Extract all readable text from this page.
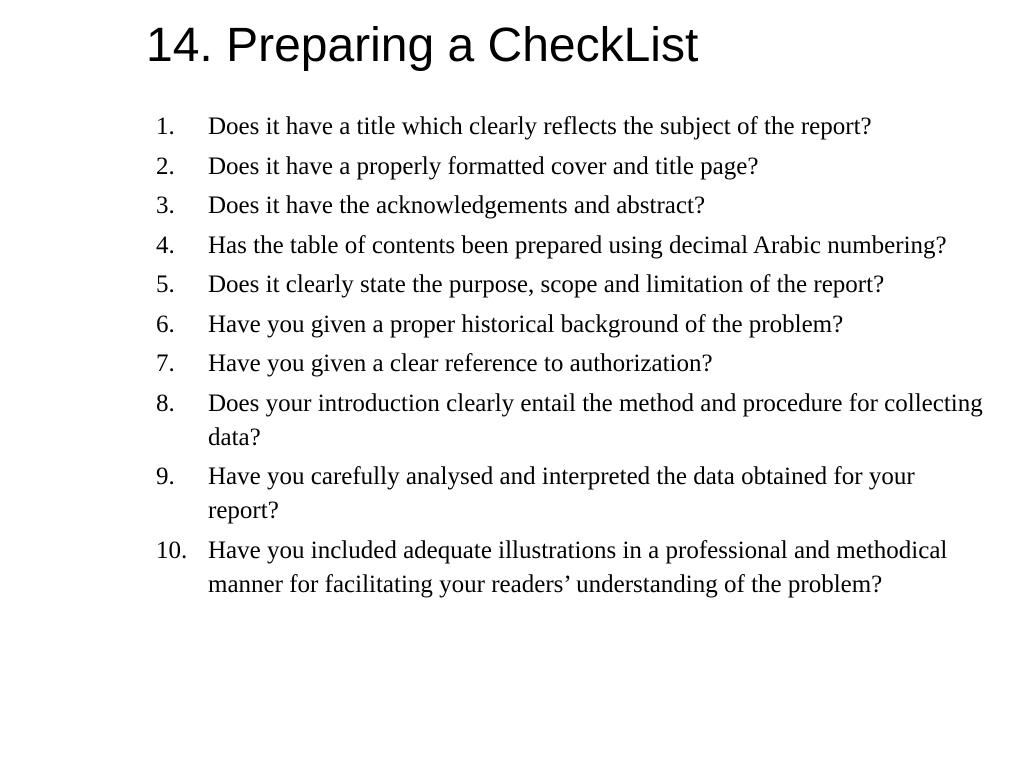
14. Preparing a CheckList
1.	Does it have a title which clearly reflects the subject of the report?
2.	Does it have a properly formatted cover and title page?
3.	Does it have the acknowledgements and abstract?
4.	Has the table of contents been prepared using decimal Arabic numbering?
5.	Does it clearly state the purpose, scope and limitation of the report?
6.	Have you given a proper historical background of the problem?
7.	Have you given a clear reference to authorization?
8.	Does your introduction clearly entail the method and procedure for collecting data?
9.	Have you carefully analysed and interpreted the data obtained for your report?
10. Have you included adequate illustrations in a professional and methodical manner for facilitating your readers’ understanding of the problem?
